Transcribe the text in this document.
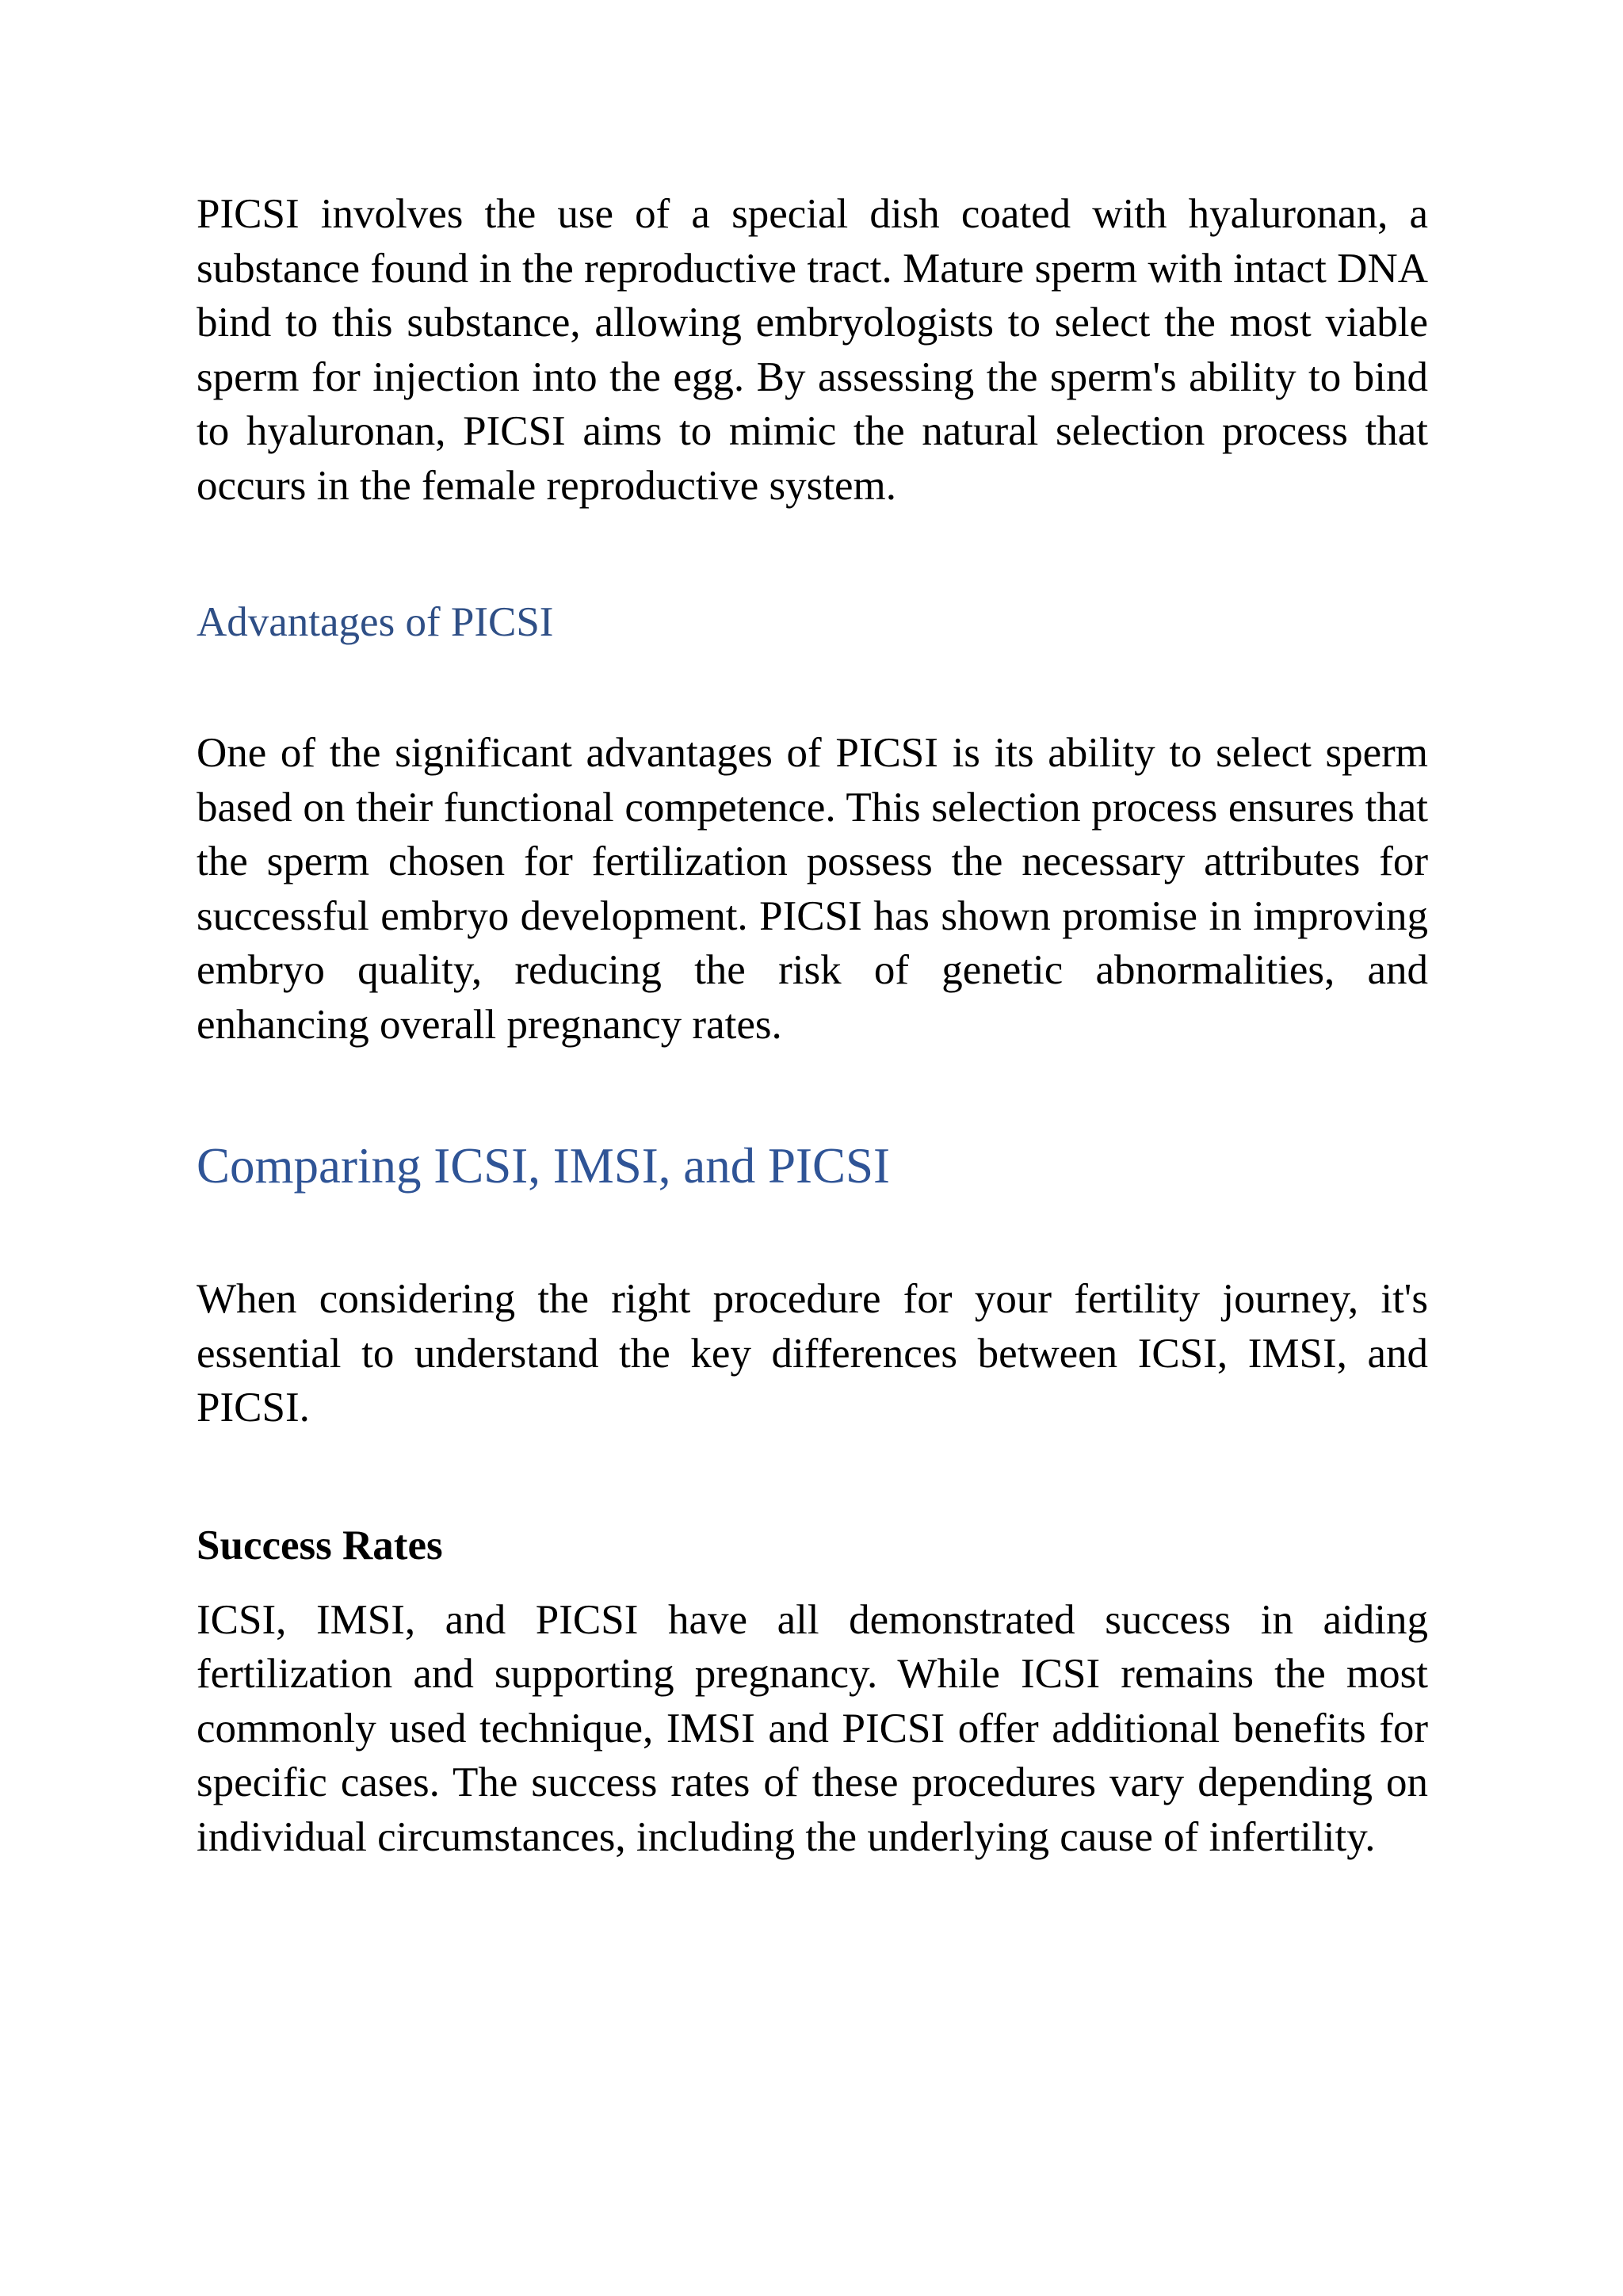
PICSI involves the use of a special dish coated with hyaluronan, a substance found in the reproductive tract. Mature sperm with intact DNA bind to this substance, allowing embryologists to select the most viable sperm for injection into the egg. By assessing the sperm's ability to bind to hyaluronan, PICSI aims to mimic the natural selection process that occurs in the female reproductive system.

Advantages of PICSI

One of the significant advantages of PICSI is its ability to select sperm based on their functional competence. This selection process ensures that the sperm chosen for fertilization possess the necessary attributes for successful embryo development. PICSI has shown promise in improving embryo quality, reducing the risk of genetic abnormalities, and enhancing overall pregnancy rates.

Comparing ICSI, IMSI, and PICSI

When considering the right procedure for your fertility journey, it's essential to understand the key differences between ICSI, IMSI, and PICSI.

Success Rates

ICSI, IMSI, and PICSI have all demonstrated success in aiding fertilization and supporting pregnancy. While ICSI remains the most commonly used technique, IMSI and PICSI offer additional benefits for specific cases. The success rates of these procedures vary depending on individual circumstances, including the underlying cause of infertility.
